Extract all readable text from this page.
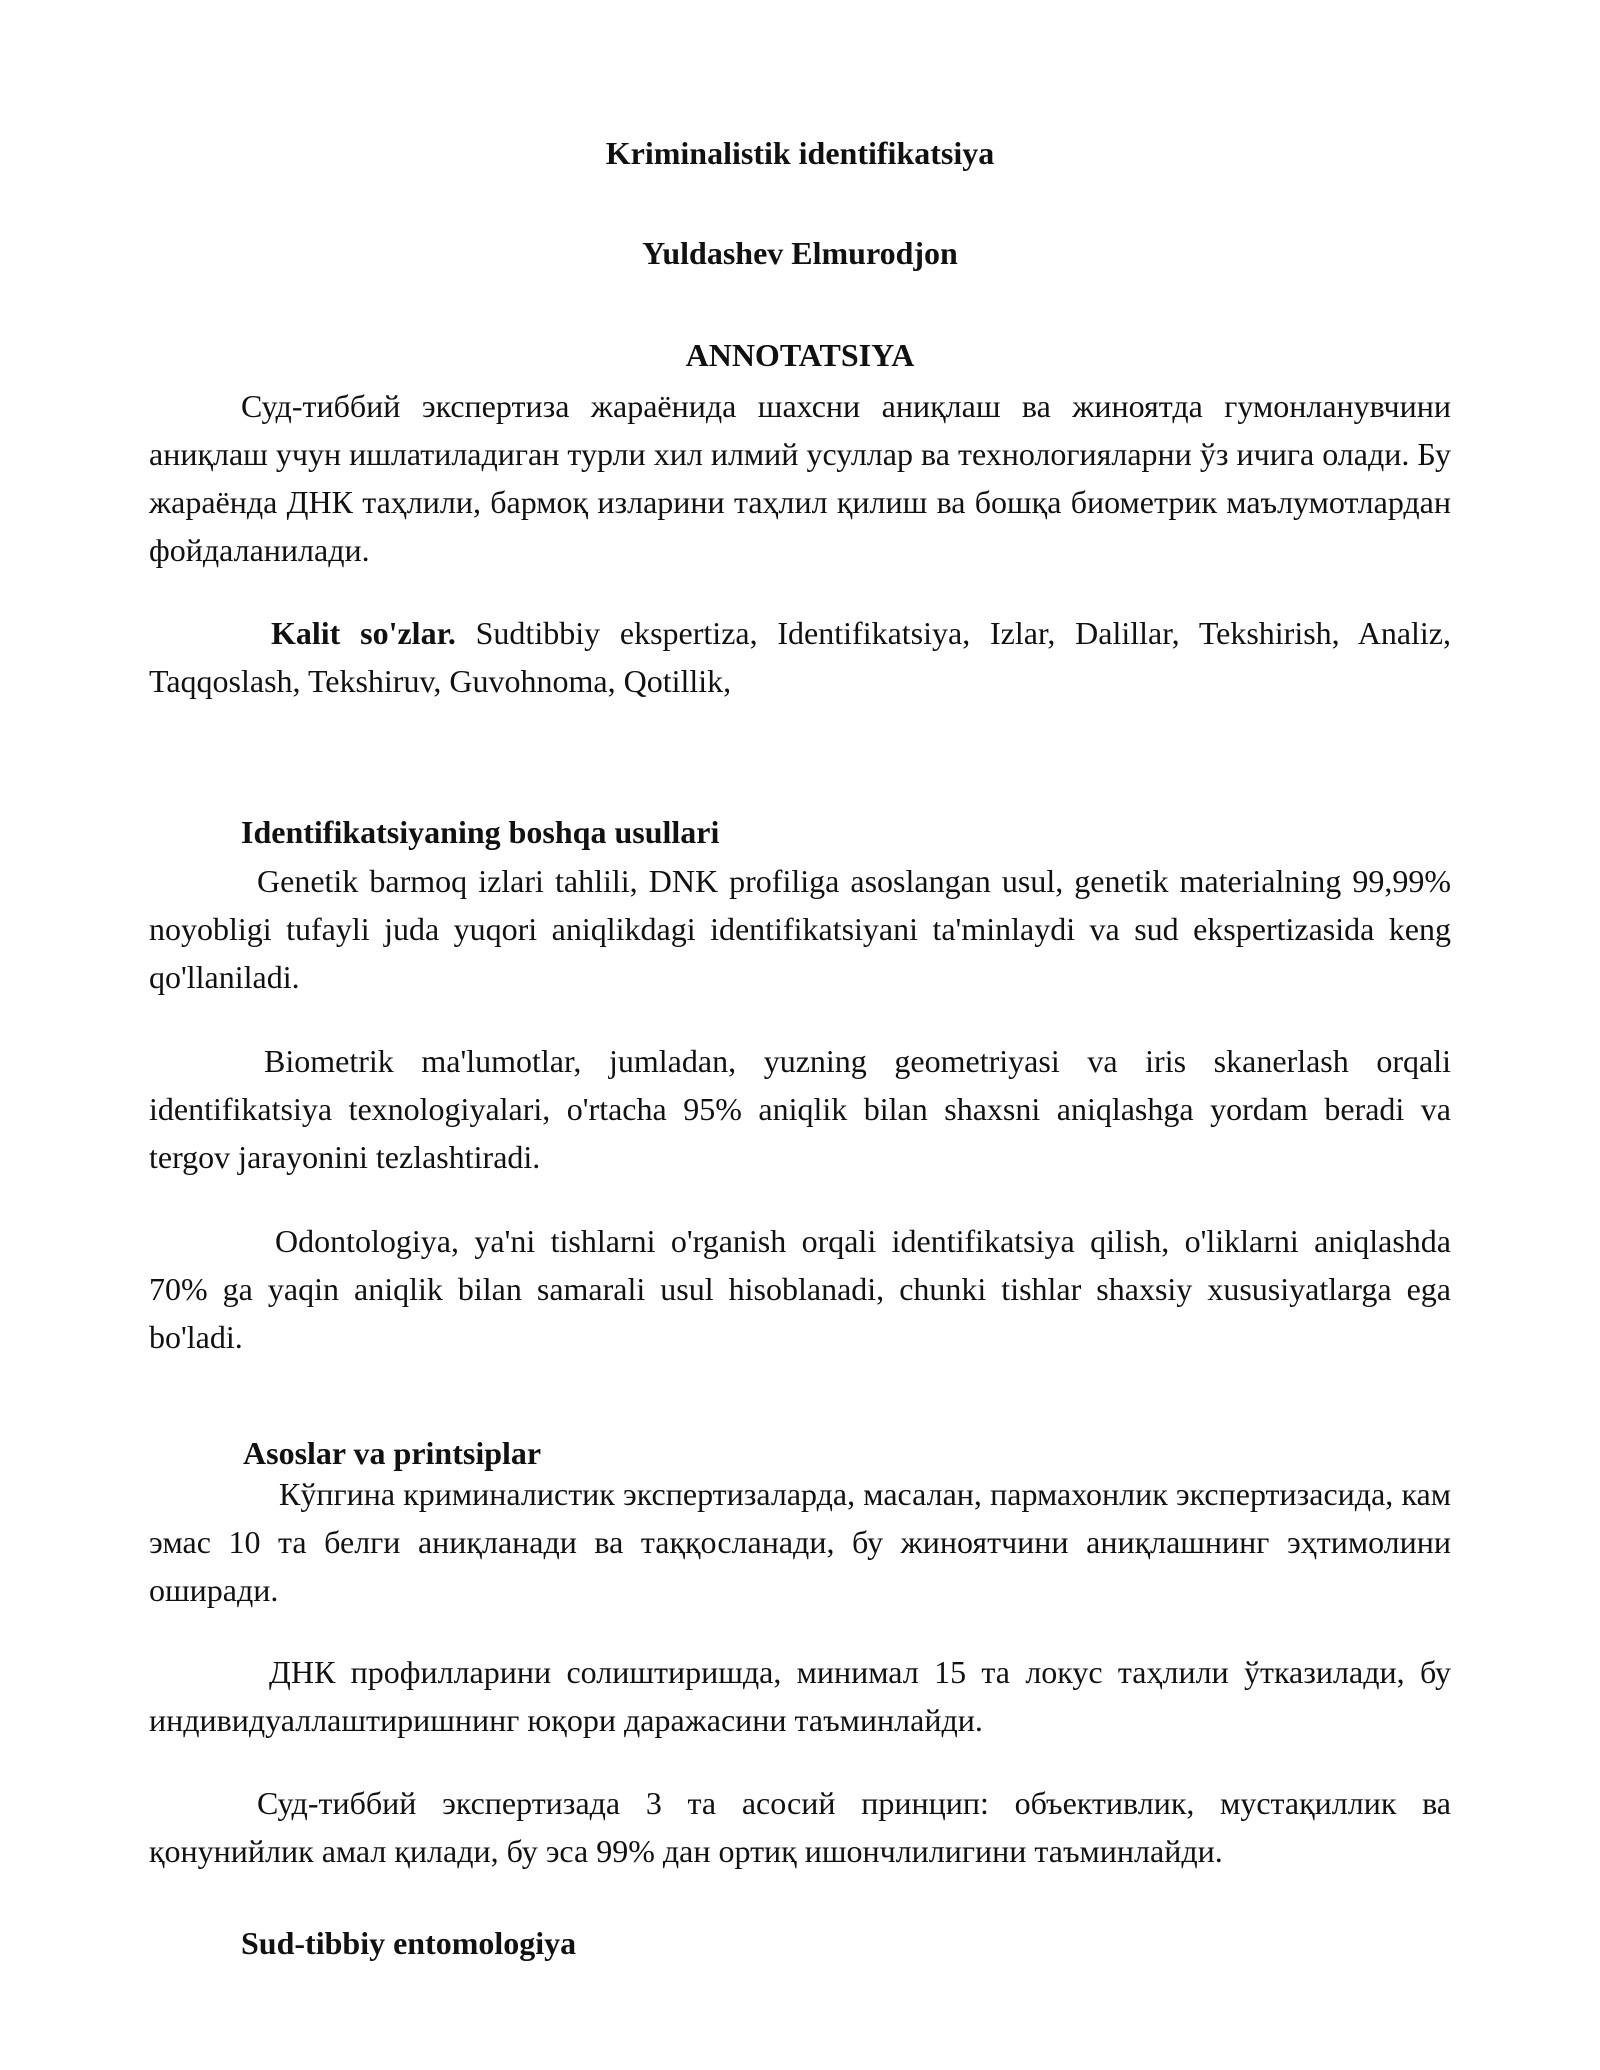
Kriminalistik identifikatsiya
Yuldashev Elmurodjon
ANNOTATSIYA
Суд-тиббий экспертиза жараёнида шахсни аниқлаш ва жиноятда гумонланувчини аниқлаш учун ишлатиладиган турли хил илмий усуллар ва технологияларни ўз ичига олади. Бу жараёнда ДНК таҳлили, бармоқ изларини таҳлил қилиш ва бошқа биометрик маълумотлардан фойдаланилади.
Kalit so'zlar. Sudtibbiy ekspertiza, Identifikatsiya, Izlar, Dalillar, Tekshirish, Analiz, Taqqoslash, Tekshiruv, Guvohnoma, Qotillik,
Identifikatsiyaning boshqa usullari
Genetik barmoq izlari tahlili, DNK profiliga asoslangan usul, genetik materialning 99,99% noyobligi tufayli juda yuqori aniqlikdagi identifikatsiyani ta'minlaydi va sud ekspertizasida keng qo'llaniladi.
Biometrik ma'lumotlar, jumladan, yuzning geometriyasi va iris skanerlash orqali identifikatsiya texnologiyalari, o'rtacha 95% aniqlik bilan shaxsni aniqlashga yordam beradi va tergov jarayonini tezlashtiradi.
Odontologiya, ya'ni tishlarni o'rganish orqali identifikatsiya qilish, o'liklarni aniqlashda 70% ga yaqin aniqlik bilan samarali usul hisoblanadi, chunki tishlar shaxsiy xususiyatlarga ega bo'ladi.
Asoslar va printsiplar
Кўпгина криминалистик экспертизаларда, масалан, пармахонлик экспертизасида, кам эмас 10 та белги аниқланади ва таққосланади, бу жиноятчини аниқлашнинг эҳтимолини оширади.
ДНК профилларини солиштиришда, минимал 15 та локус таҳлили ўтказилади, бу индивидуаллаштиришнинг юқори даражасини таъминлайди.
Суд-тиббий экспертизада 3 та асосий принцип: объективлик, мустақиллик ва қонунийлик амал қилади, бу эса 99% дан ортиқ ишончлилигини таъминлайди.
Sud-tibbiy entomologiya
